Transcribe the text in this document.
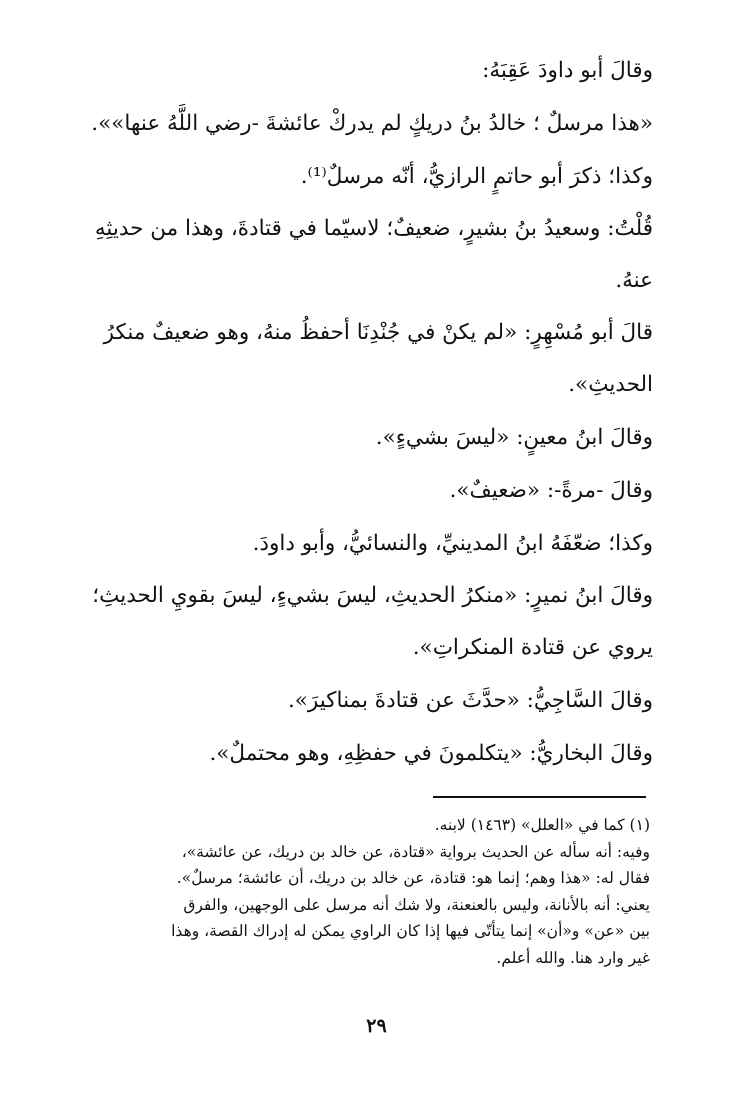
وقالَ أبو داودَ عَقِبَهُ:

«هذا مرسلٌ ؛ خالدُ بنُ دريكٍ لم يدركْ عائشةَ -رضي اللَّهُ عنها»».

وكذا؛ ذكرَ أبو حاتمٍ الرازيُّ، أنّه مرسلٌ⁽¹⁾.

قُلْتُ: وسعيدُ بنُ بشيرٍ، ضعيفٌ؛ لاسيّما في قتادةَ، وهذا من حديثِهِ عنهُ.

قالَ أبو مُسْهِرٍ: «لم يكنْ في جُنْدِنَا أحفظُ منهُ، وهو ضعيفٌ منكرُ الحديثِ».

وقالَ ابنُ معينٍ: «ليسَ بشيءٍ».

وقالَ -مرةً-: «ضعيفٌ».

وكذا؛ ضعّفَهُ ابنُ المدينيِّ، والنسائيُّ، وأبو داودَ.

وقالَ ابنُ نميرٍ: «منكرُ الحديثِ، ليسَ بشيءٍ، ليسَ بقويِ الحديثِ؛ يروي عن قتادة المنكراتِ».

وقالَ السَّاجِيُّ: «حدَّثَ عن قتادةَ بمناكيرَ».

وقالَ البخاريُّ: «يتكلمونَ في حفظِهِ، وهو محتملٌ».

(١) كما في «العلل» (١٤٦٣) لابنه.

وفيه: أنه سأله عن الحديث برواية «قتادة، عن خالد بن دريك، عن عائشة»،

فقال له: «هذا وهم؛ إنما هو: قتادة، عن خالد بن دريك، أن عائشة؛ مرسلٌ».

يعني: أنه بالأنانة، وليس بالعنعنة، ولا شك أنه مرسل على الوجهين، والفرق

بين «عن» و«أن» إنما يتأتّى فيها إذا كان الراوي يمكن له إدراك القصة، وهذا

غير وارد هنا. والله أعلم.

٢٩
